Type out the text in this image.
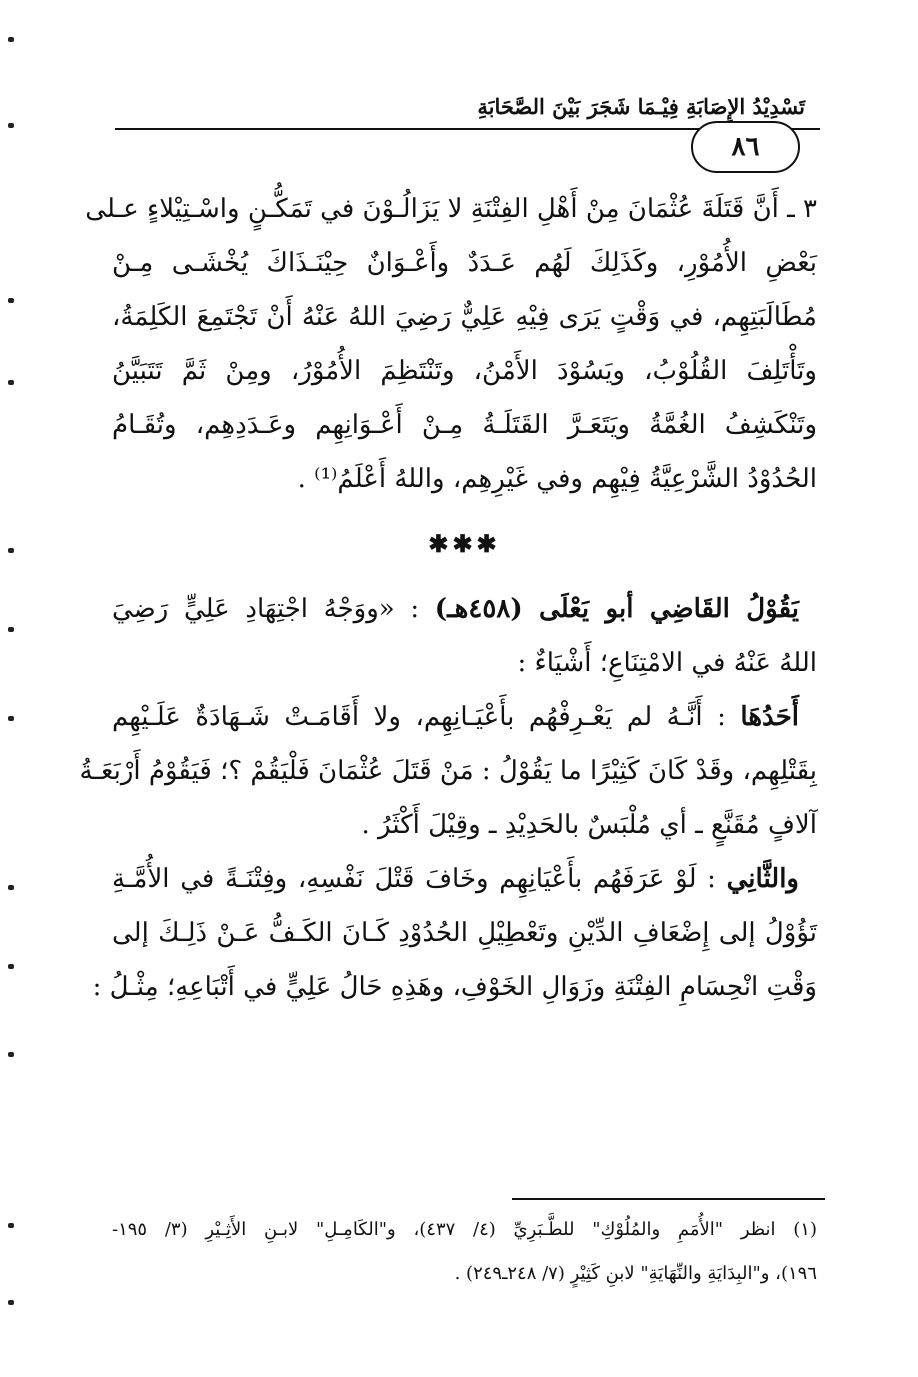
تَسْدِيْدُ الإِصَابَةِ فِيْـمَا شَجَرَ بَيْنَ الصَّحَابَةِ
٨٦
٣ ـ أَنَّ قَتَلَةَ عُثْمَانَ مِنْ أَهْلِ الفِتْنَةِ لا يَزَالُـوْنَ في تَمَكُّـنٍ واسْـتِيْلاءٍ عـلى
بَعْضِ الأُمُوْرِ، وكَذَلِكَ لَهُم عَـدَدٌ وأَعْـوَانٌ حِيْنَـذَاكَ يُخْشَـى مِـنْ
مُطَالَبَتِهِم، في وَقْتٍ يَرَى فِيْهِ عَلِيٌّ رَضِيَ اللهُ عَنْهُ أَنْ تَجْتَمِعَ الكَلِمَةُ،
وتَأْتَلِفَ القُلُوْبُ، ويَسُوْدَ الأَمْنُ، وتَنْتَظِمَ الأُمُوْرُ، ومِنْ ثَمَّ تَتَبَيَّنُ
وتَنْكَشِفُ الغُمَّةُ ويَتَعَـرَّ القَتَلَـةُ مِـنْ أَعْـوَانِهِم وعَـدَدِهِم، وتُقَـامُ
الحُدُوْدُ الشَّرْعِيَّةُ فِيْهِم وفي غَيْرِهِم، واللهُ أَعْلَمُ⁽¹⁾ .
✱✱✱
يَقُوْلُ القَاضِي أبو يَعْلَى (٤٥٨هـ) : «ووَجْهُ اجْتِهَادِ عَلِيٍّ رَضِيَ
اللهُ عَنْهُ في الامْتِنَاعِ؛ أَشْيَاءٌ :
أَحَدُهَا : أَنَّـهُ لم يَعْـرِفْهُم بأَعْيَـانِهِم، ولا أَقَامَـتْ شَـهَادَةٌ عَلَـيْهِم
بِقَتْلِهِم، وقَدْ كَانَ كَثِيْرًا ما يَقُوْلُ : مَنْ قَتَلَ عُثْمَانَ فَلْيَقُمْ ؟؛ فَيَقُوْمُ أَرْبَعَـةُ
آلافٍ مُقَنَّعٍ ـ أي مُلْبَسٌ بالحَدِيْدِ ـ وقِيْلَ أَكْثَرُ .
والثَّانِي : لَوْ عَرَفَهُم بأَعْيَانِهِم وخَافَ قَتْلَ نَفْسِهِ، وفِتْنَـةً في الأُمَّـةِ
تَؤُوْلُ إلى إِضْعَافِ الدِّيْنِ وتَعْطِيْلِ الحُدُوْدِ كَـانَ الكَـفُّ عَـنْ ذَلِـكَ إلى
وَقْتِ انْحِسَامِ الفِتْنَةِ وزَوَالِ الخَوْفِ، وهَذِهِ حَالُ عَلِيٍّ في أَتْبَاعِهِ؛ مِثْـلُ :
(١) انظر "الأُمَمِ والمُلُوْكِ" للطَّـبَرِيِّ (٤/ ٤٣٧)، و"الكَامِـلِ" لابـنِ الأَثِـيْرِ (٣/ ١٩٥-
١٩٦)، و"البِدَايَةِ والنِّهَايَةِ" لابنِ كَثِيْرٍ (٧/ ٢٤٨ـ٢٤٩) .
